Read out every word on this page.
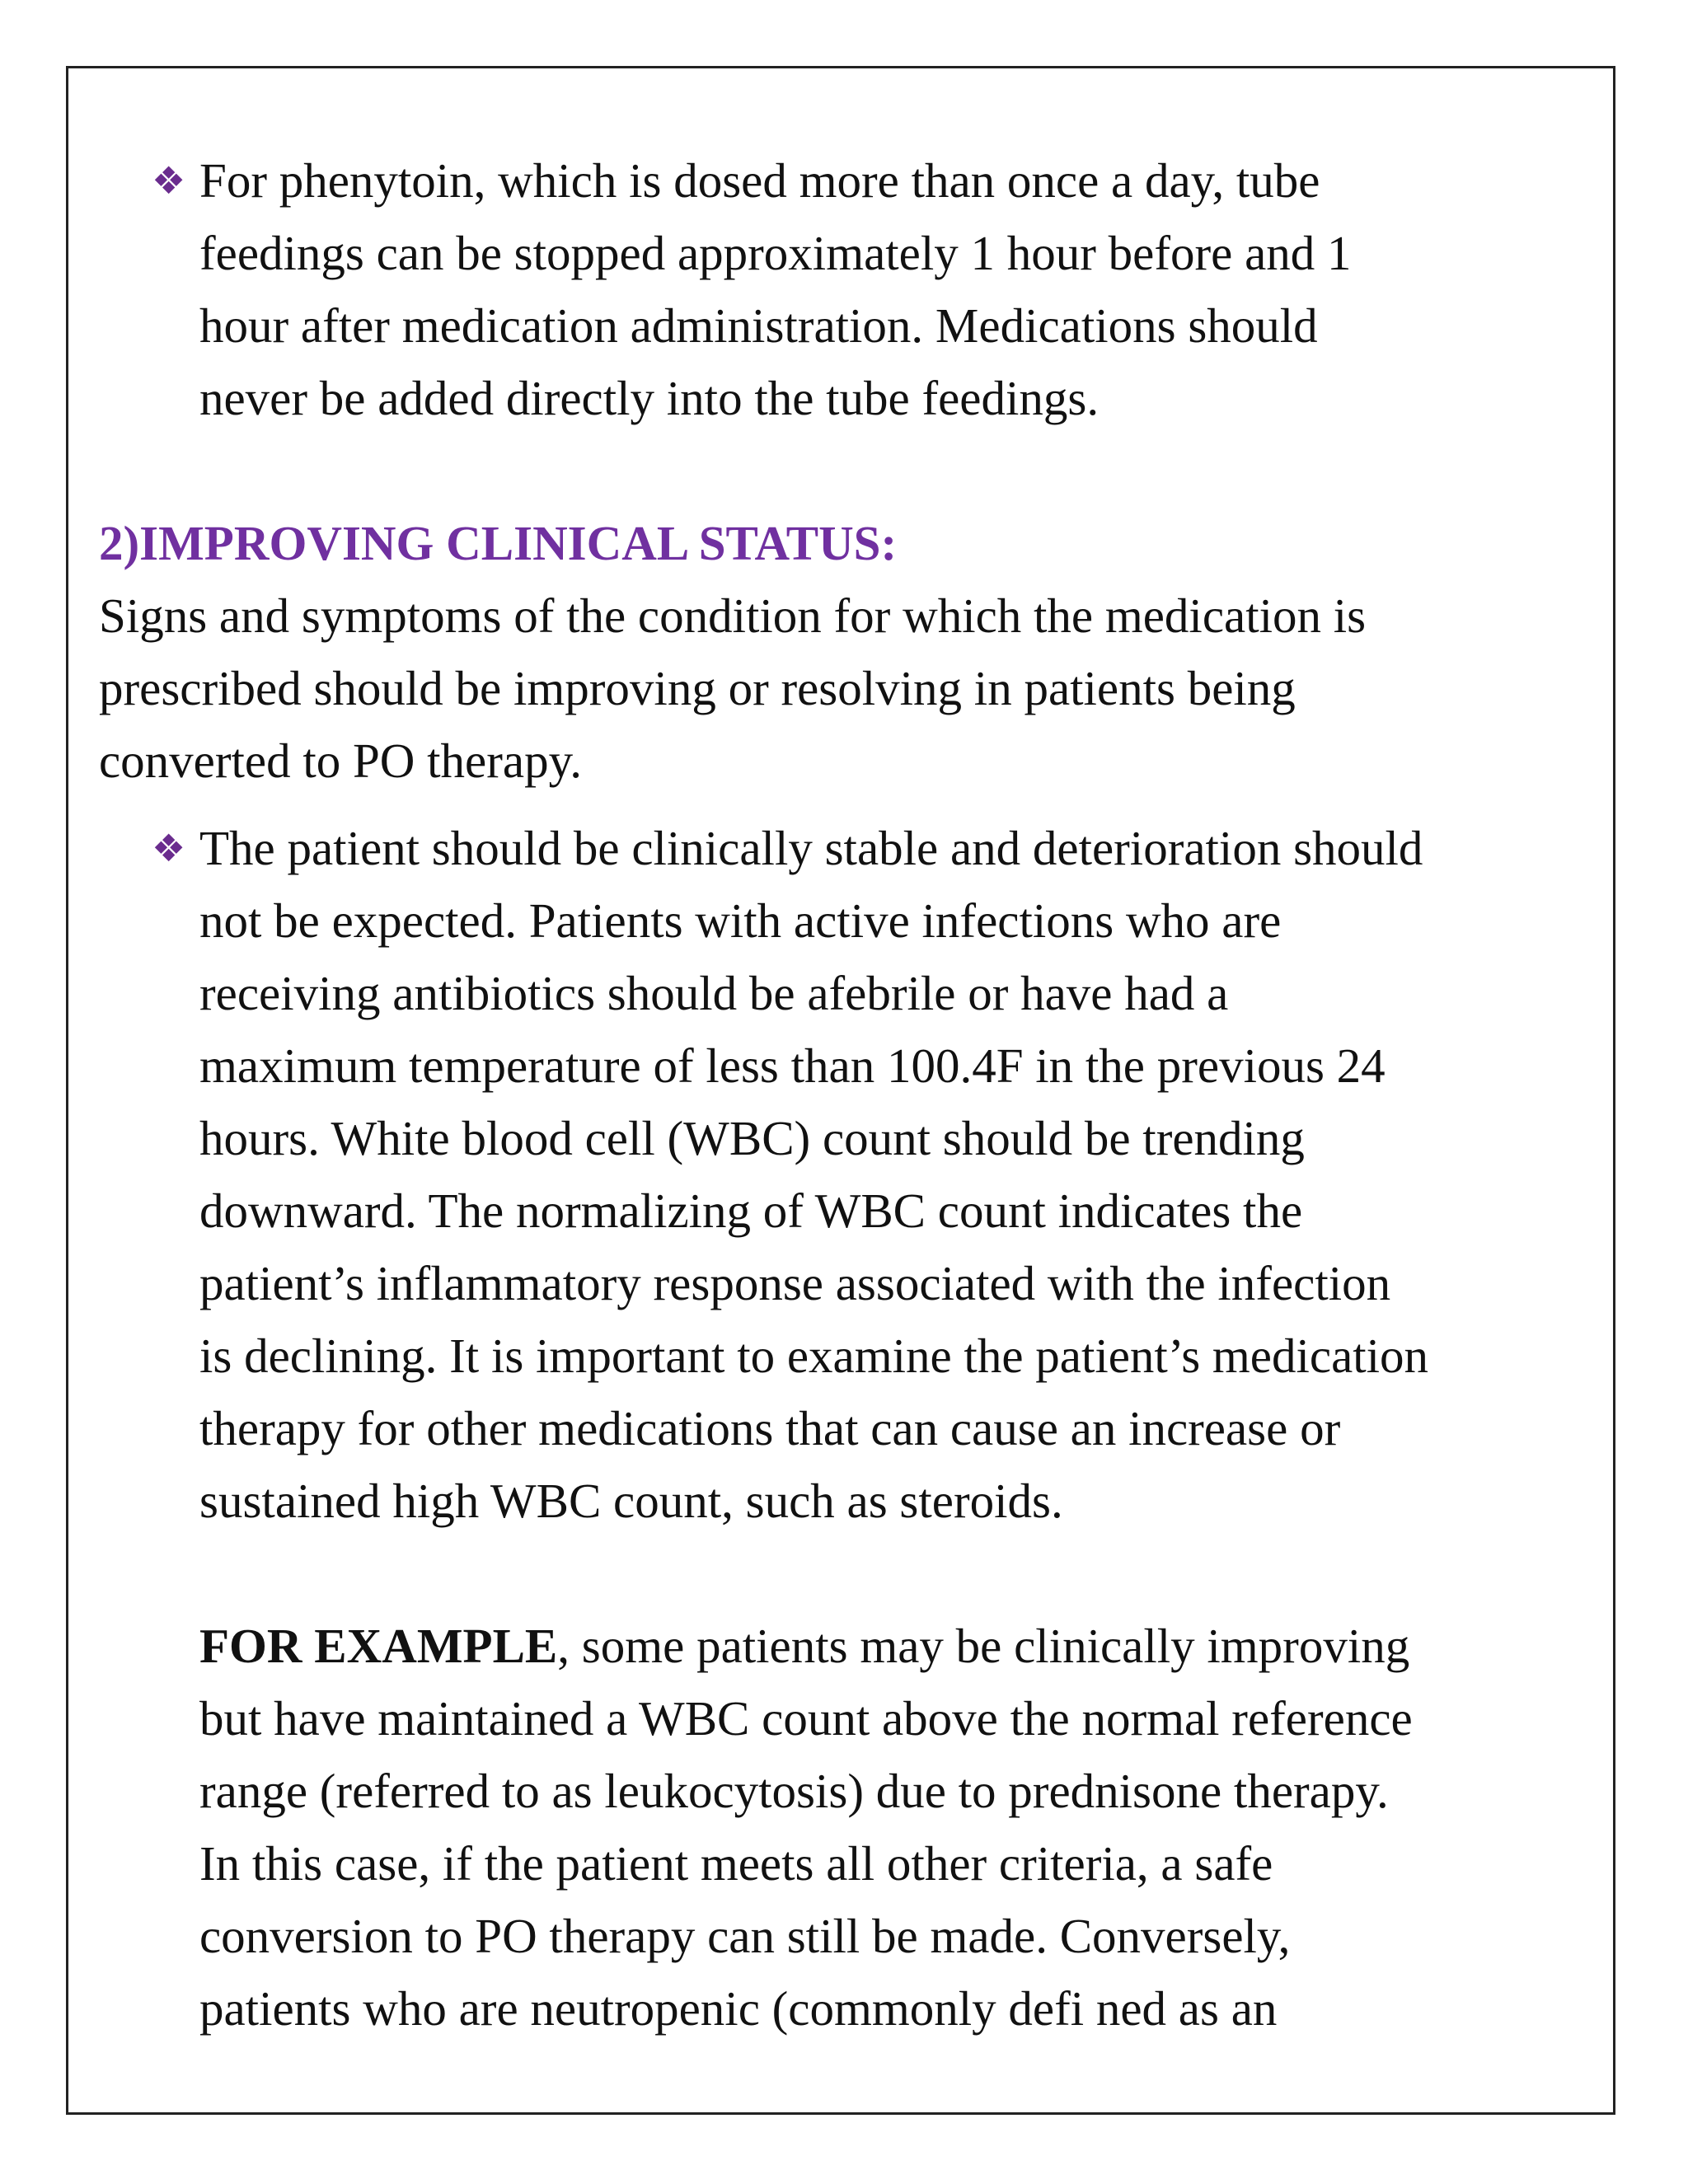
❖ For phenytoin, which is dosed more than once a day, tube
feedings can be stopped approximately 1 hour before and 1
hour after medication administration. Medications should
never be added directly into the tube feedings.

2)IMPROVING CLINICAL STATUS:

Signs and symptoms of the condition for which the medication is
prescribed should be improving or resolving in patients being
converted to PO therapy.

❖ The patient should be clinically stable and deterioration should
not be expected. Patients with active infections who are
receiving antibiotics should be afebrile or have had a
maximum temperature of less than 100.4F in the previous 24
hours. White blood cell (WBC) count should be trending
downward. The normalizing of WBC count indicates the
patient’s inflammatory response associated with the infection
is declining. It is important to examine the patient’s medication
therapy for other medications that can cause an increase or
sustained high WBC count, such as steroids.

FOR EXAMPLE, some patients may be clinically improving
but have maintained a WBC count above the normal reference
range (referred to as leukocytosis) due to prednisone therapy.
In this case, if the patient meets all other criteria, a safe
conversion to PO therapy can still be made. Conversely,
patients who are neutropenic (commonly defi ned as an
